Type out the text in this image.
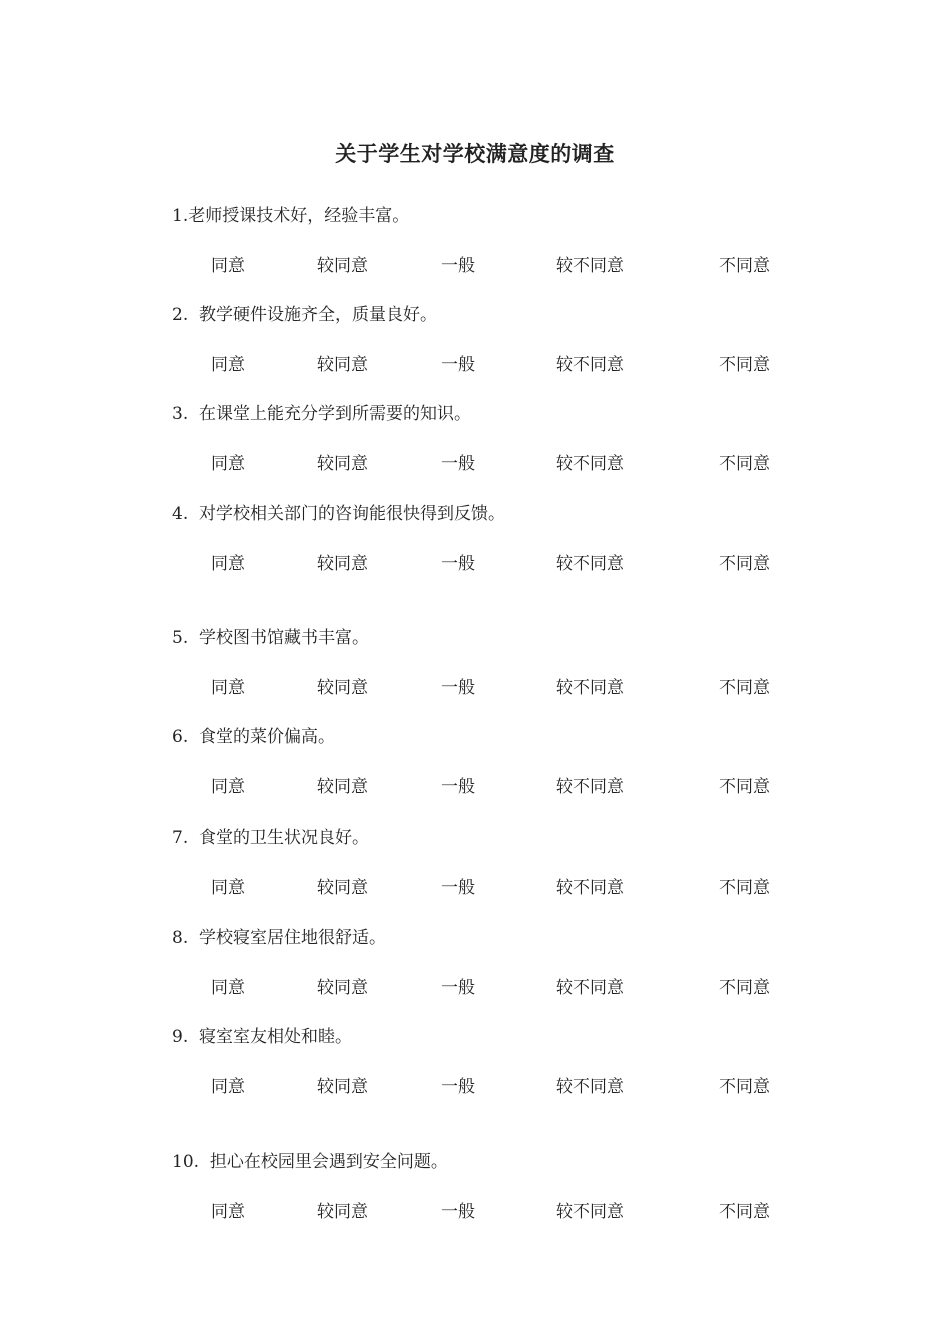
关于学生对学校满意度的调查
1.老师授课技术好，经验丰富。
同意	较同意	一般	较不同意	不同意
2.  教学硬件设施齐全，质量良好。
同意	较同意	一般	较不同意	不同意
3.  在课堂上能充分学到所需要的知识。
同意	较同意	一般	较不同意	不同意
4.  对学校相关部门的咨询能很快得到反馈。
同意	较同意	一般	较不同意	不同意
5.  学校图书馆藏书丰富。
同意	较同意	一般	较不同意	不同意
6.  食堂的菜价偏高。
同意	较同意	一般	较不同意	不同意
7.  食堂的卫生状况良好。
同意	较同意	一般	较不同意	不同意
8.  学校寝室居住地很舒适。
同意	较同意	一般	较不同意	不同意
9.  寝室室友相处和睦。
同意	较同意	一般	较不同意	不同意
10.  担心在校园里会遇到安全问题。
同意	较同意	一般	较不同意	不同意
